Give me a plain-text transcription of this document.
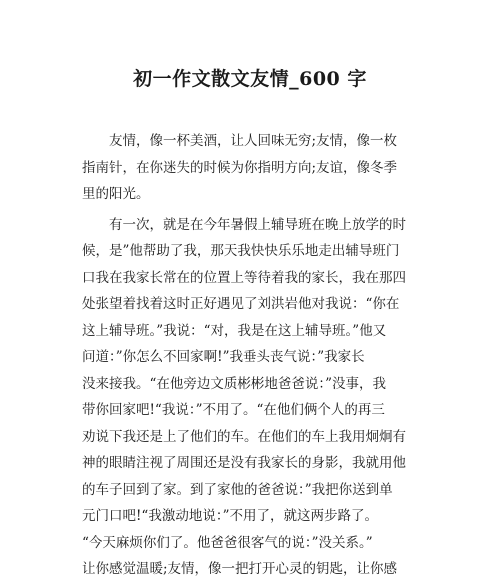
初一作文散文友情_600 字
　　友情，像一杯美酒，让人回味无穷;友情，像一枚
指南针，在你迷失的时候为你指明方向;友谊，像冬季
里的阳光。
　　有一次，就是在今年暑假上辅导班在晚上放学的时
候，是”他帮助了我，那天我快快乐乐地走出辅导班门
口我在我家长常在的位置上等待着我的家长，我在那四
处张望着找着这时正好遇见了刘洪岩他对我说：“你在
这上辅导班。”我说：“对，我是在这上辅导班。”他又
问道：”你怎么不回家啊!”我垂头丧气说：”我家长
没来接我。“在他旁边文质彬彬地爸爸说：”没事，我
带你回家吧!“我说：”不用了。“在他们俩个人的再三
劝说下我还是上了他们的车。在他们的车上我用炯炯有
神的眼睛注视了周围还是没有我家长的身影，我就用他
的车子回到了家。到了家他的爸爸说：”我把你送到单
元门口吧!“我激动地说：”不用了，就这两步路了。
“今天麻烦你们了。他爸爸很客气的说：”没关系。”
让你感觉温暖;友情，像一把打开心灵的钥匙，让你感
